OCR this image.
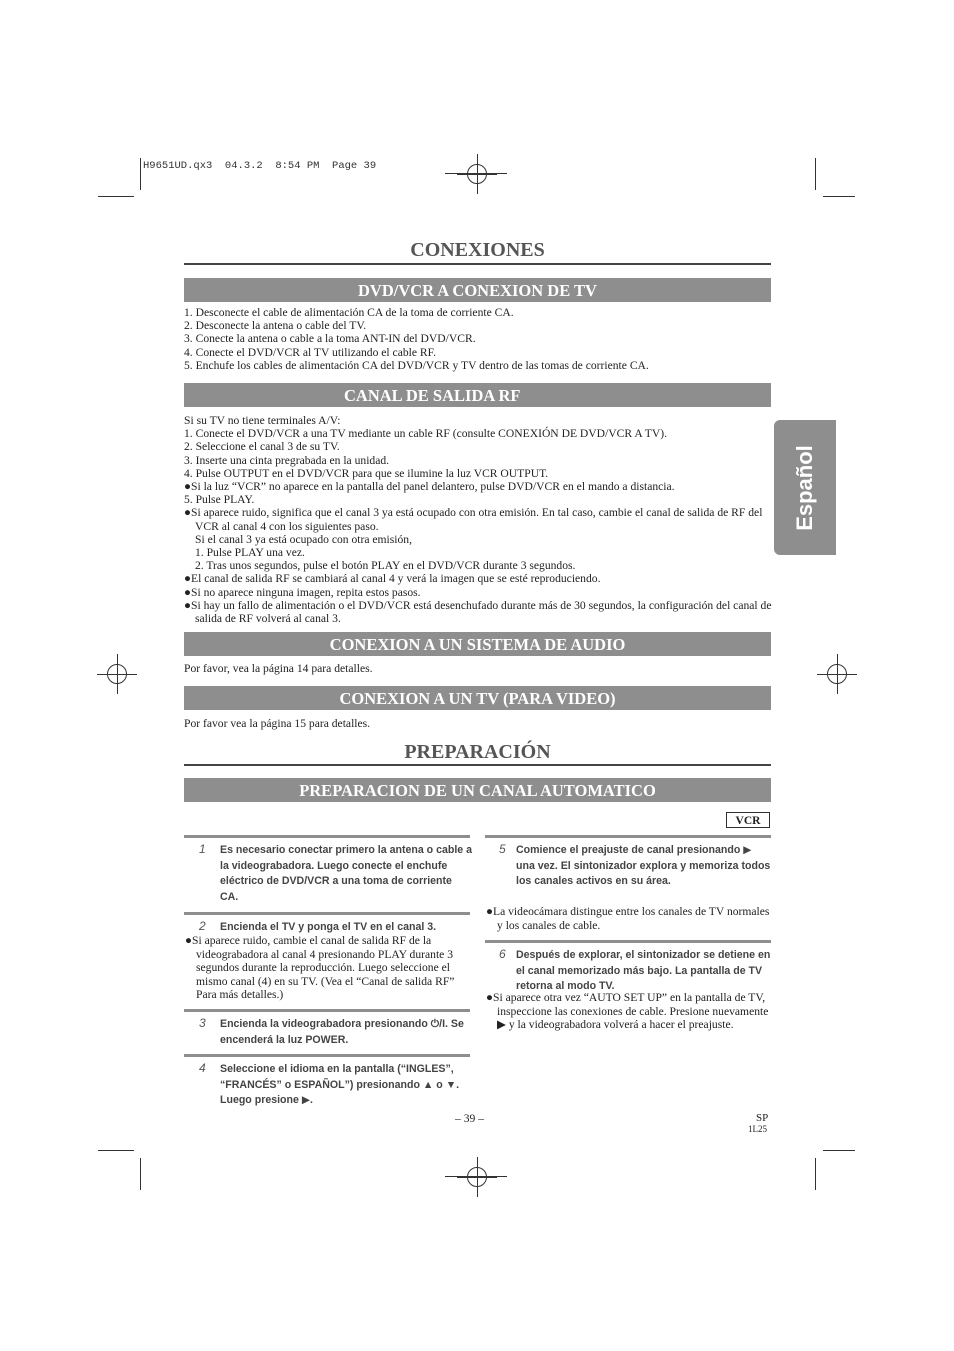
H9651UD.qx3  04.3.2  8:54 PM  Page 39
Español
CONEXIONES
DVD/VCR A CONEXION DE TV

1. Desconecte el cable de alimentación CA de la toma de corriente CA.

2. Desconecte la antena o cable del TV.

3. Conecte la antena o cable a la toma ANT-IN del DVD/VCR.

4. Conecte el DVD/VCR al TV utilizando el cable RF.

5. Enchufe los cables de alimentación CA del DVD/VCR y TV dentro de las tomas de corriente CA.

CANAL DE SALIDA RF

Si su TV no tiene terminales A/V:

1. Conecte el DVD/VCR a una TV mediante un cable RF (consulte CONEXIÓN DE DVD/VCR A TV).

2. Seleccione el canal 3 de su TV.

3. Inserte una cinta pregrabada en la unidad.

4. Pulse OUTPUT en el DVD/VCR para que se ilumine la luz VCR OUTPUT.

●Si la luz “VCR” no aparece en la pantalla del panel delantero, pulse DVD/VCR en el mando a distancia.

5. Pulse PLAY.

●Si aparece ruido, significa que el canal 3 ya está ocupado con otra emisión. En tal caso, cambie el canal de salida de RF del VCR al canal 4 con los siguientes paso.

Si el canal 3 ya está ocupado con otra emisión,

1. Pulse PLAY una vez.

2. Tras unos segundos, pulse el botón PLAY en el DVD/VCR durante 3 segundos.

●El canal de salida RF se cambiará al canal 4 y verá la imagen que se esté reproduciendo.

●Si no aparece ninguna imagen, repita estos pasos.

●Si hay un fallo de alimentación o el DVD/VCR está desenchufado durante más de 30 segundos, la configuración del canal de salida de RF volverá al canal 3.

CONEXION A UN SISTEMA DE AUDIO
Por favor, vea la página 14 para detalles.
CONEXION A UN TV (PARA VIDEO)
Por favor vea la página 15 para detalles.
PREPARACIÓN
PREPARACION DE UN CANAL AUTOMATICO
VCR
1 Es necesario conectar primero la antena o cable a la videograbadora. Luego conecte el enchufe eléctrico de DVD/VCR a una toma de corriente CA.
2 Encienda el TV y ponga el TV en el canal 3.

●Si aparece ruido, cambie el canal de salida RF de la videograbadora al canal 4 presionando PLAY durante 3 segundos durante la reproducción. Luego seleccione el mismo canal (4) en su TV. (Vea el “Canal de salida RF” Para más detalles.)

3 Encienda la videograbadora presionando ⏻/I. Se encenderá la luz POWER.
4 Seleccione el idioma en la pantalla (“INGLES”, “FRANCÉS” o ESPAÑOL”) presionando ▲ o ▼. Luego presione ▶.
5 Comience el preajuste de canal presionando ▶ una vez. El sintonizador explora y memoriza todos los canales activos en su área.

●La videocámara distingue entre los canales de TV normales y los canales de cable.

6 Después de explorar, el sintonizador se detiene en el canal memorizado más bajo. La pantalla de TV retorna al modo TV.

●Si aparece otra vez “AUTO SET UP” en la pantalla de TV, inspeccione las conexiones de cable. Presione nuevamente ▶ y la videograbadora volverá a hacer el preajuste.

– 39 –	SP
1L25
